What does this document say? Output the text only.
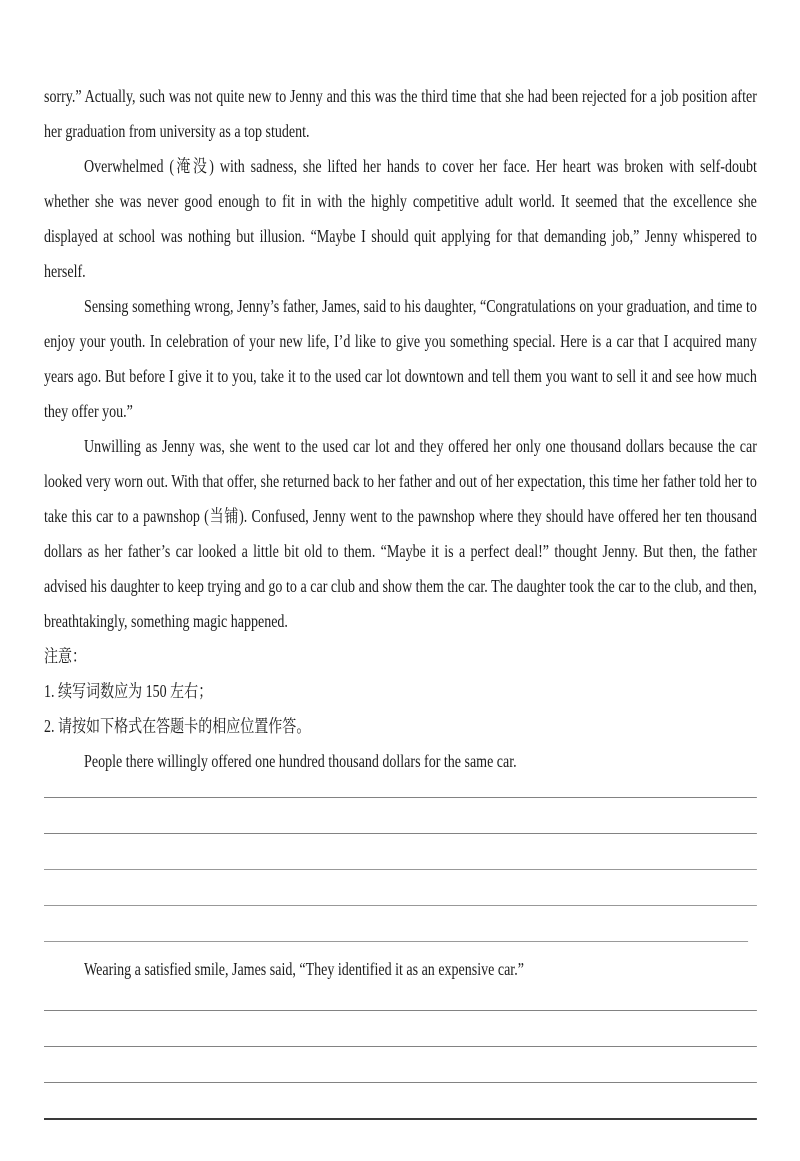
sorry.” Actually, such was not quite new to Jenny and this was the third time that she had been rejected for a job position after her graduation from university as a top student.

Overwhelmed (淹没) with sadness, she lifted her hands to cover her face. Her heart was broken with self-doubt whether she was never good enough to fit in with the highly competitive adult world. It seemed that the excellence she displayed at school was nothing but illusion. “Maybe I should quit applying for that demanding job,” Jenny whispered to herself.

Sensing something wrong, Jenny’s father, James, said to his daughter, “Congratulations on your graduation, and time to enjoy your youth. In celebration of your new life, I’d like to give you something special. Here is a car that I acquired many years ago. But before I give it to you, take it to the used car lot downtown and tell them you want to sell it and see how much they offer you.”

Unwilling as Jenny was, she went to the used car lot and they offered her only one thousand dollars because the car looked very worn out. With that offer, she returned back to her father and out of her expectation, this time her father told her to take this car to a pawnshop (当铺). Confused, Jenny went to the pawnshop where they should have offered her ten thousand dollars as her father’s car looked a little bit old to them. “Maybe it is a perfect deal!” thought Jenny. But then, the father advised his daughter to keep trying and go to a car club and show them the car. The daughter took the car to the club, and then, breathtakingly, something magic happened.

注意：

1. 续写词数应为 150 左右；

2. 请按如下格式在答题卡的相应位置作答。

People there willingly offered one hundred thousand dollars for the same car.

Wearing a satisfied smile, James said, “They identified it as an expensive car.”
